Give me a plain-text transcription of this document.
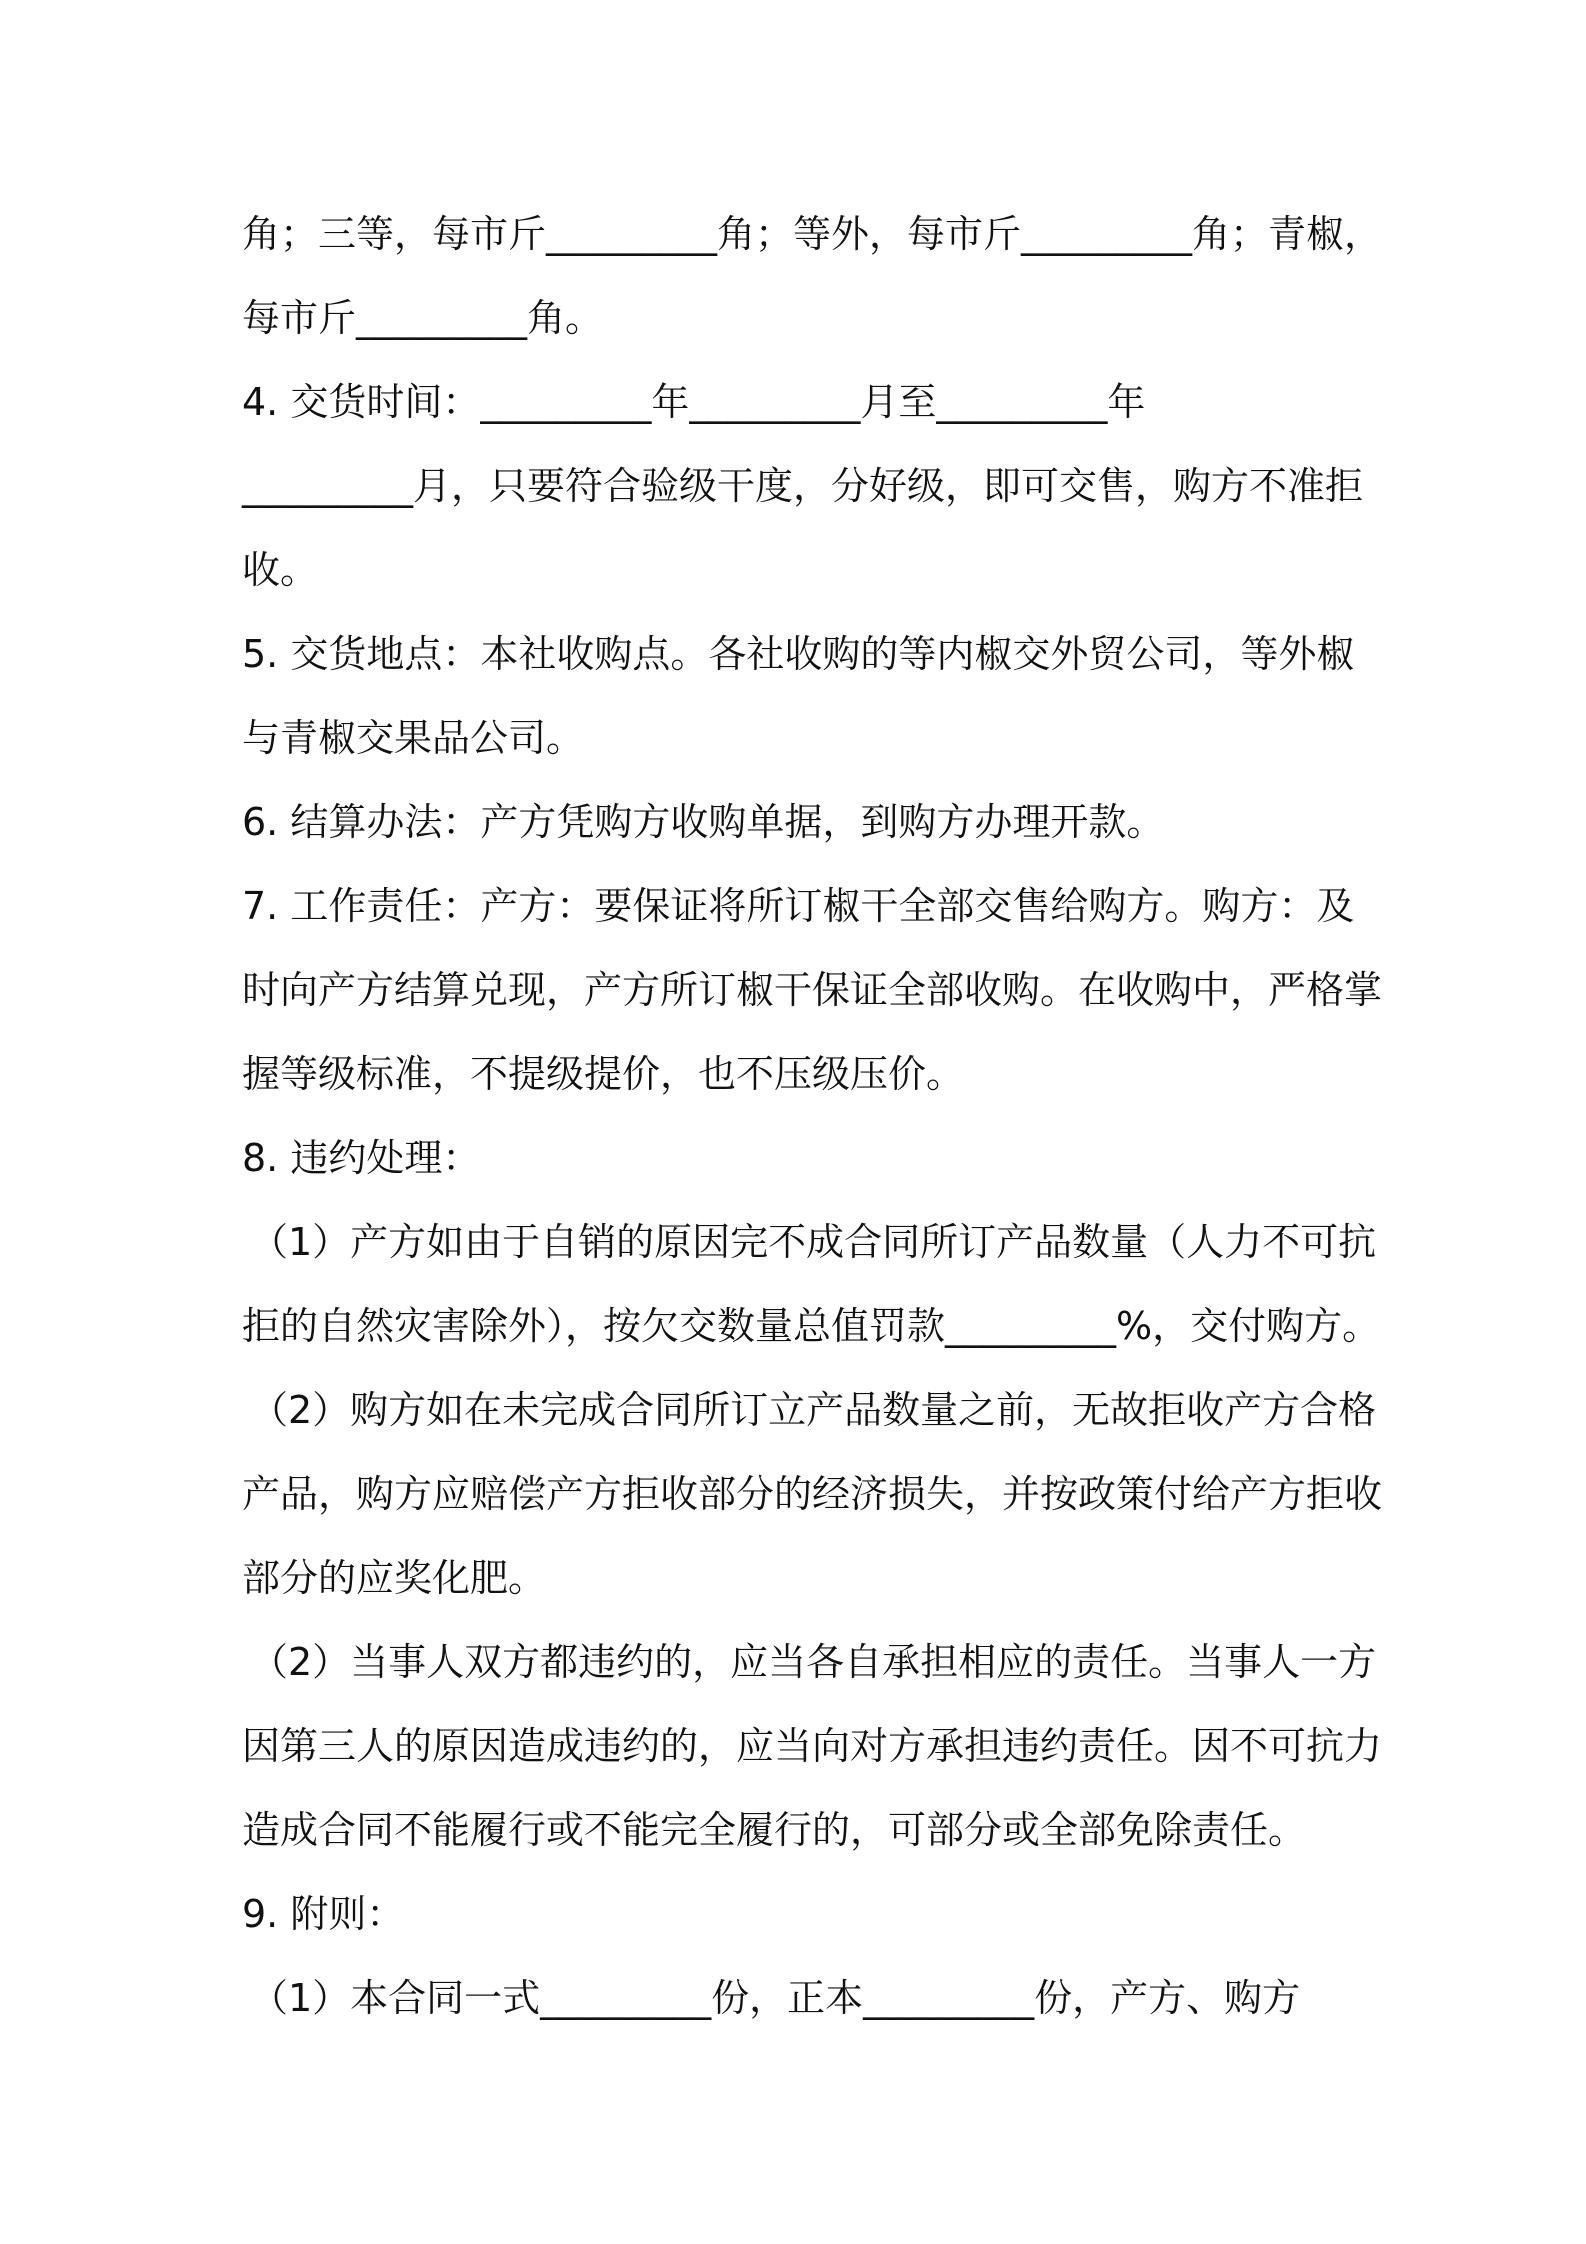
角；三等，每市斤_________角；等外，每市斤_________角；青椒，
每市斤_________角。
4. 交货时间：_________年_________月至_________年
_________月，只要符合验级干度，分好级，即可交售，购方不准拒
收。
5. 交货地点：本社收购点。各社收购的等内椒交外贸公司，等外椒
与青椒交果品公司。
6. 结算办法：产方凭购方收购单据，到购方办理开款。
7. 工作责任：产方：要保证将所订椒干全部交售给购方。购方：及
时向产方结算兑现，产方所订椒干保证全部收购。在收购中，严格掌
握等级标准，不提级提价，也不压级压价。
8. 违约处理：
（1）产方如由于自销的原因完不成合同所订产品数量（人力不可抗
拒的自然灾害除外），按欠交数量总值罚款_________%，交付购方。
（2）购方如在未完成合同所订立产品数量之前，无故拒收产方合格
产品，购方应赔偿产方拒收部分的经济损失，并按政策付给产方拒收
部分的应奖化肥。
（2）当事人双方都违约的，应当各自承担相应的责任。当事人一方
因第三人的原因造成违约的，应当向对方承担违约责任。因不可抗力
造成合同不能履行或不能完全履行的，可部分或全部免除责任。
9. 附则：
（1）本合同一式_________份，正本_________份，产方、购方
